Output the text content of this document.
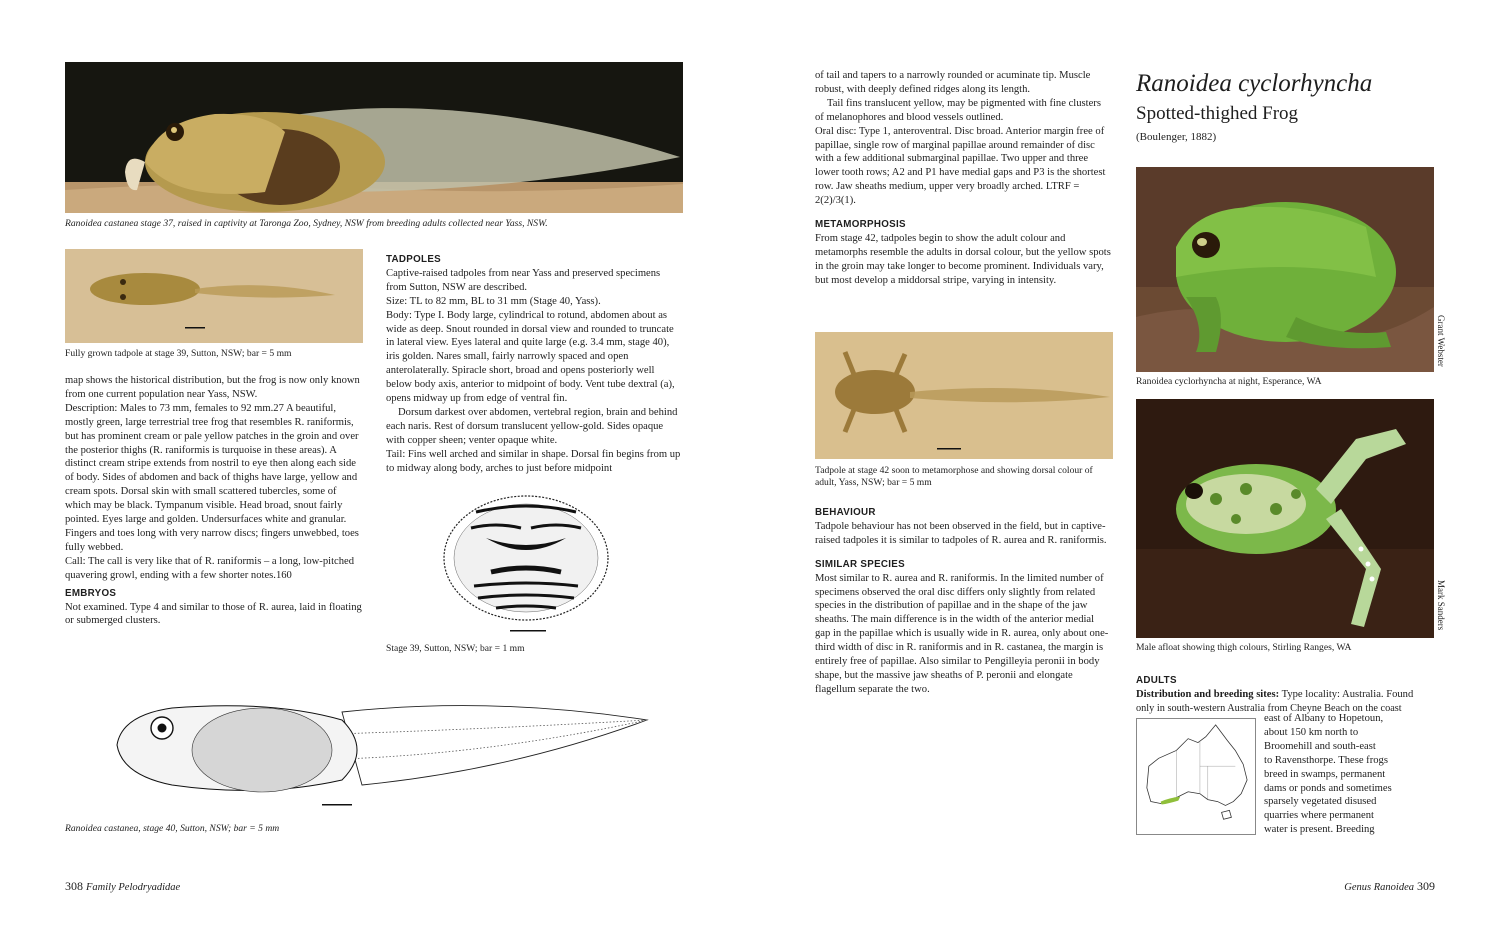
Ranoidea castanea stage 37, raised in captivity at Taronga Zoo, Sydney, NSW from breeding adults collected near Yass, NSW.
Fully grown tadpole at stage 39, Sutton, NSW; bar = 5 mm

map shows the historical distribution, but the frog is now only known from one current population near Yass, NSW.

Description: Males to 73 mm, females to 92 mm.27 A beautiful, mostly green, large terrestrial tree frog that resembles R. raniformis, but has prominent cream or pale yellow patches in the groin and over the posterior thighs (R. raniformis is turquoise in these areas). A distinct cream stripe extends from nostril to eye then along each side of body. Sides of abdomen and back of thighs have large, yellow and cream spots. Dorsal skin with small scattered tubercles, some of which may be black. Tympanum visible. Head broad, snout fairly pointed. Eyes large and golden. Undersurfaces white and granular. Fingers and toes long with very narrow discs; fingers unwebbed, toes fully webbed.

Call: The call is very like that of R. raniformis – a long, low-pitched quavering growl, ending with a few shorter notes.160

EMBRYOS

Not examined. Type 4 and similar to those of R. aurea, laid in floating or submerged clusters.

TADPOLES

Captive-raised tadpoles from near Yass and preserved specimens from Sutton, NSW are described.

Size: TL to 82 mm, BL to 31 mm (Stage 40, Yass).

Body: Type I. Body large, cylindrical to rotund, abdomen about as wide as deep. Snout rounded in dorsal view and rounded to truncate in lateral view. Eyes lateral and quite large (e.g. 3.4 mm, stage 40), iris golden. Nares small, fairly narrowly spaced and open anterolaterally. Spiracle short, broad and opens posteriorly well below body axis, anterior to midpoint of body. Vent tube dextral (a), opens midway up from edge of ventral fin.

Dorsum darkest over abdomen, vertebral region, brain and behind each naris. Rest of dorsum translucent yellow-gold. Sides opaque with copper sheen; venter opaque white.

Tail: Fins well arched and similar in shape. Dorsal fin begins from up to midway along body, arches to just before midpoint

Stage 39, Sutton, NSW; bar = 1 mm
Ranoidea castanea, stage 40, Sutton, NSW; bar = 5 mm
308 Family Pelodryadidae

of tail and tapers to a narrowly rounded or acuminate tip. Muscle robust, with deeply defined ridges along its length.

Tail fins translucent yellow, may be pigmented with fine clusters of melanophores and blood vessels outlined.

Oral disc: Type 1, anteroventral. Disc broad. Anterior margin free of papillae, single row of marginal papillae around remainder of disc with a few additional submarginal papillae. Two upper and three lower tooth rows; A2 and P1 have medial gaps and P3 is the shortest row. Jaw sheaths medium, upper very broadly arched. LTRF = 2(2)/3(1).

METAMORPHOSIS

From stage 42, tadpoles begin to show the adult colour and metamorphs resemble the adults in dorsal colour, but the yellow spots in the groin may take longer to become prominent. Individuals vary, but most develop a middorsal stripe, varying in intensity.

Tadpole at stage 42 soon to metamorphose and showing dorsal colour of adult, Yass, NSW; bar = 5 mm

BEHAVIOUR

Tadpole behaviour has not been observed in the field, but in captive-raised tadpoles it is similar to tadpoles of R. aurea and R. raniformis.

SIMILAR SPECIES

Most similar to R. aurea and R. raniformis. In the limited number of specimens observed the oral disc differs only slightly from related species in the distribution of papillae and in the shape of the jaw sheaths. The main difference is in the width of the anterior medial gap in the papillae which is usually wide in R. aurea, only about one-third width of disc in R. raniformis and in R. castanea, the margin is entirely free of papillae. Also similar to Pengilleyia peronii in body shape, but the massive jaw sheaths of P. peronii and elongate flagellum separate the two.

Ranoidea cyclorhyncha
Spotted-thighed Frog
(Boulenger, 1882)
Grant Webster
Ranoidea cyclorhyncha at night, Esperance, WA
Mark Sanders
Male afloat showing thigh colours, Stirling Ranges, WA

ADULTS

Distribution and breeding sites: Type locality: Australia. Found

only in south-western Australia from Cheyne Beach on the coast

east of Albany to Hopetoun,

about 150 km north to

Broomehill and south-east

to Ravensthorpe. These frogs

breed in swamps, permanent

dams or ponds and sometimes

sparsely vegetated disused

quarries where permanent

water is present. Breeding

Genus Ranoidea 309
